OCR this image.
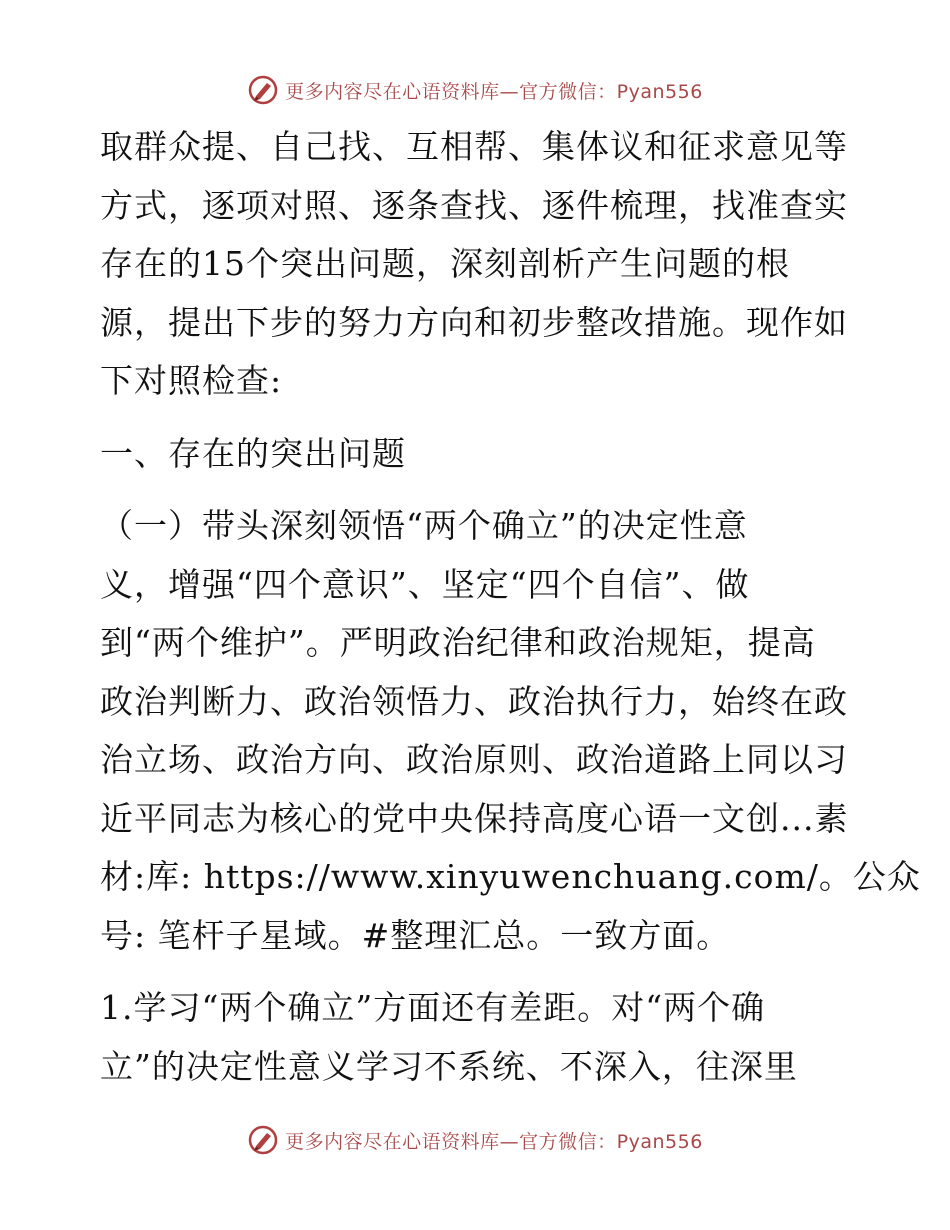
更多内容尽在心语资料库—官方微信：Pyan556
取群众提、自己找、互相帮、集体议和征求意见等
方式，逐项对照、逐条查找、逐件梳理，找准查实
存在的15个突出问题，深刻剖析产生问题的根
源，提出下步的努力方向和初步整改措施。现作如
下对照检查:
一、存在的突出问题
（一）带头深刻领悟“两个确立”的决定性意
义，增强“四个意识”、坚定“四个自信”、做
到“两个维护”。严明政治纪律和政治规矩，提高
政治判断力、政治领悟力、政治执行力，始终在政
治立场、政治方向、政治原则、政治道路上同以习
近平同志为核心的党中央保持高度心语一文创...素
材:库: https://www.xinyuwenchuang.com/。公众
号: 笔杆子星域。#整理汇总。一致方面。
1.学习“两个确立”方面还有差距。对“两个确
立”的决定性意义学习不系统、不深入，往深里
更多内容尽在心语资料库—官方微信：Pyan556
